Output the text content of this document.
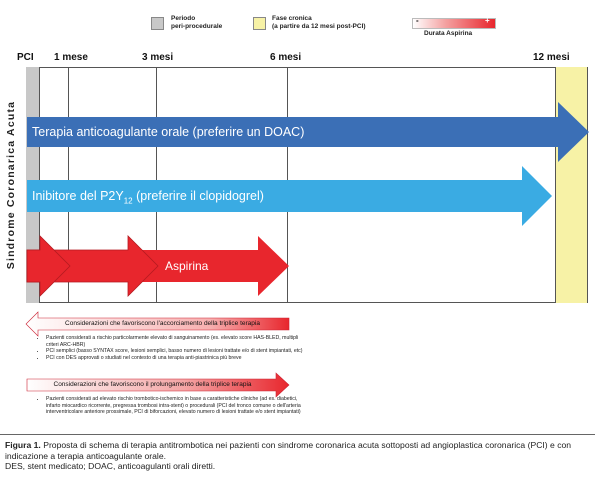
Periodo
peri-procedurale
Fase cronica
(a partire da 12 mesi post-PCI)
-	+
Durata Aspirina
PCI 1 mese	3 mesi	6 mesi	12 mesi
Sindrome Coronarica Acuta	Terapia anticoagulante orale (preferire un DOAC)
Inibitore del $P2Y_{12}$ (preferire il clopidogrel)
Aspirina
Considerazioni che favoriscono l'accorciamento della triplice terapia
• Pazienti considerati a rischio particolarmente elevato di sanguinamento (es. elevato score HAS-BLED, multipli criteri ARC-HBR)
• PCI semplici (basso SYNTAX score, lesioni semplici, basso numero di lesioni trattate e/o di stent impiantati, etc)
• PCI con DES approvati o studiati nel contesto di una terapia anti-piastrinica più breve
Considerazioni che favoriscono il prolungamento della triplice terapia
• Pazienti considerati ad elevato rischio trombotico-ischemico in base a caratteristiche cliniche (ad es. diabetici, infarto miocardico ricorrente, pregressa trombosi intra-stent) o procedurali (PCI del tronco comune o dell'arteria interventricolare anteriore prossimale, PCI di biforcazioni, elevato numero di lesioni trattate e/o stent impiantati)
Figura 1. Proposta di schema di terapia antitrombotica nei pazienti con sindrome coronarica acuta sottoposti ad angioplastica coronarica (PCI) e con indicazione a terapia anticoagulante orale.
DES, stent medicato; DOAC, anticoagulanti orali diretti.
